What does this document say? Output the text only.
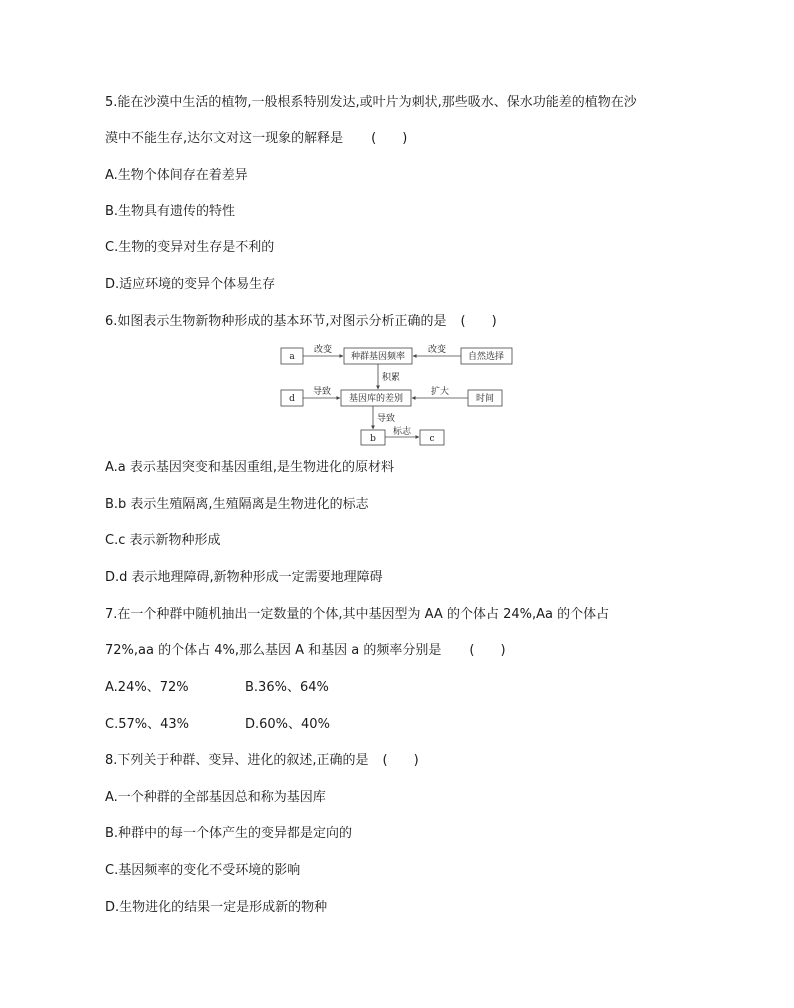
5.能在沙漠中生活的植物,一般根系特别发达,或叶片为刺状,那些吸水、保水功能差的植物在沙
漠中不能生存,达尔文对这一现象的解释是 (　　)
A.生物个体间存在着差异
B.生物具有遗传的特性
C.生物的变异对生存是不利的
D.适应环境的变异个体易生存
6.如图表示生物新物种形成的基本环节,对图示分析正确的是 (　　)
a	种群基因频率	自然选择
改变	改变
积累
d	基因库的差别	时间
导致	扩大
导致
b	c
标志
A.a 表示基因突变和基因重组,是生物进化的原材料
B.b 表示生殖隔离,生殖隔离是生物进化的标志
C.c 表示新物种形成
D.d 表示地理障碍,新物种形成一定需要地理障碍
7.在一个种群中随机抽出一定数量的个体,其中基因型为 AA 的个体占 24%,Aa 的个体占
72%,aa 的个体占 4%,那么基因 A 和基因 a 的频率分别是 (　　)
A.24%、72%	B.36%、64%
C.57%、43%	D.60%、40%
8.下列关于种群、变异、进化的叙述,正确的是 (　　)
A.一个种群的全部基因总和称为基因库
B.种群中的每一个体产生的变异都是定向的
C.基因频率的变化不受环境的影响
D.生物进化的结果一定是形成新的物种
